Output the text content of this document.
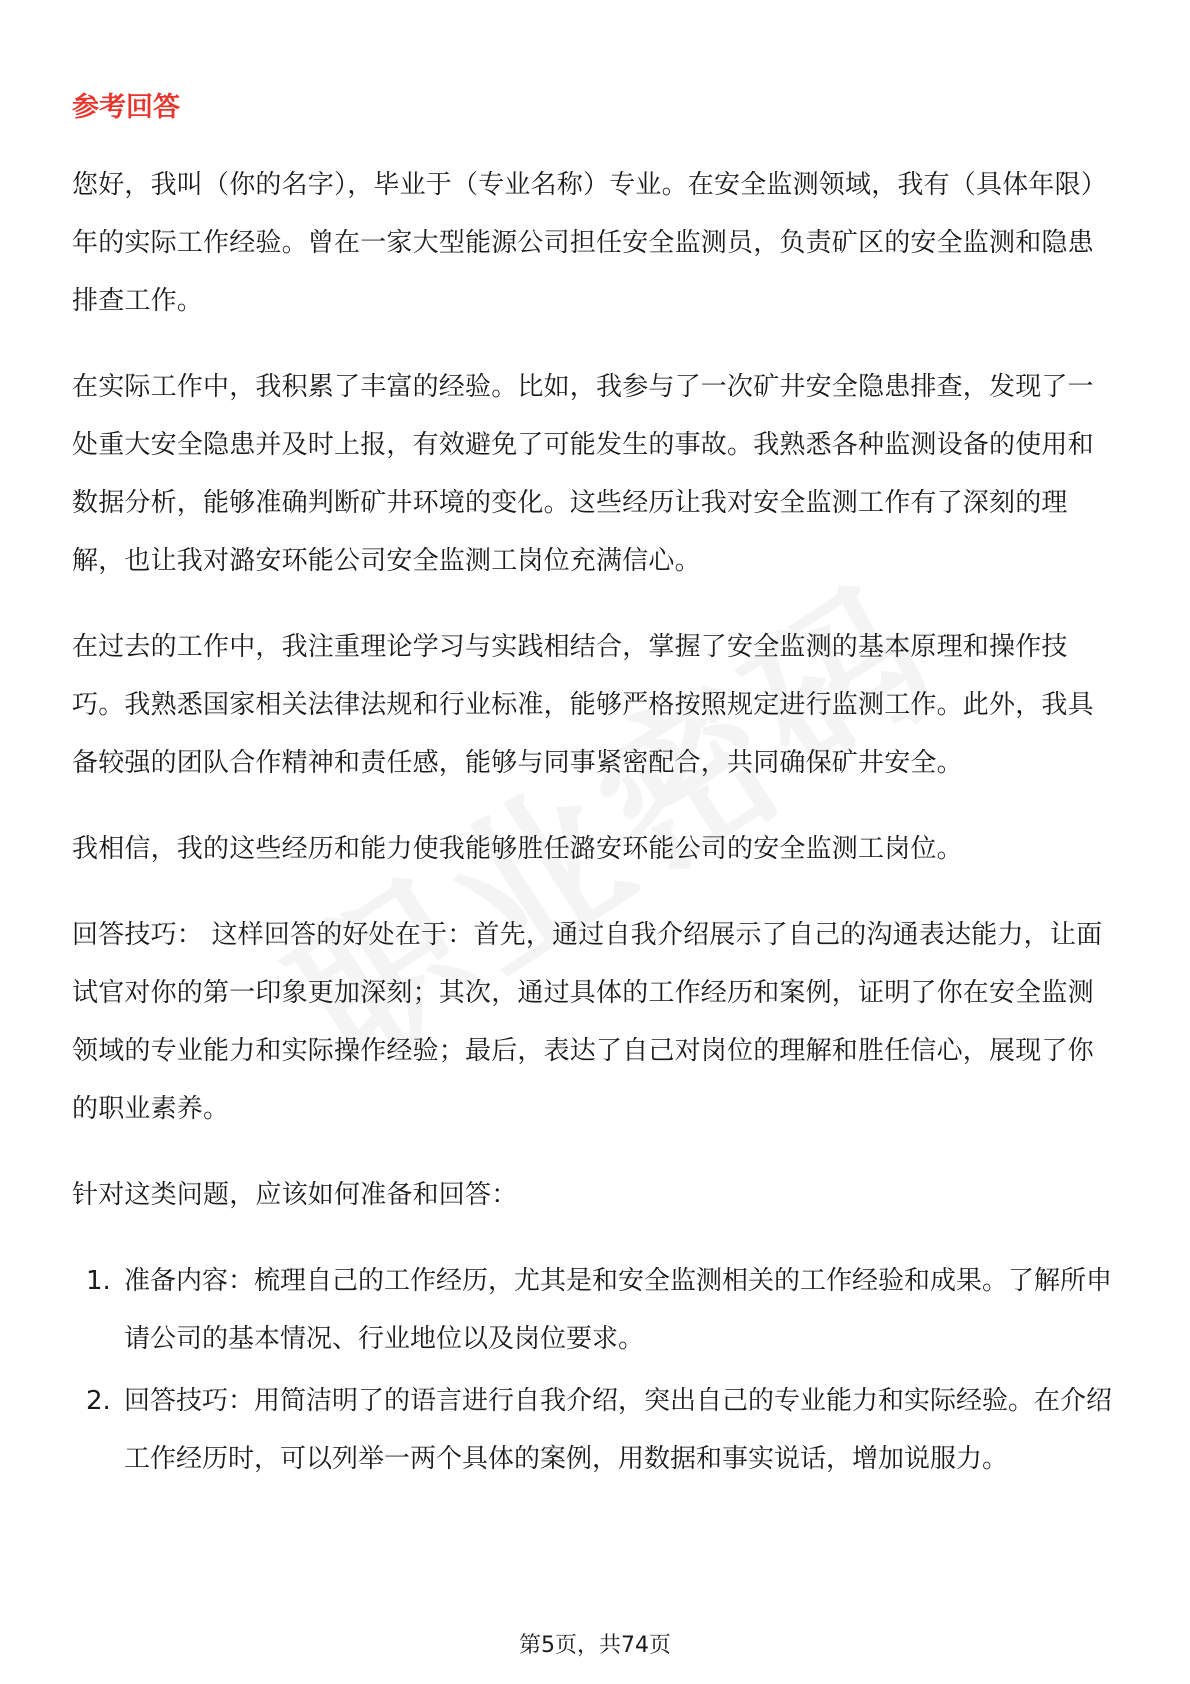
参考回答

您好，我叫（你的名字），毕业于（专业名称）专业。在安全监测领域，我有（具体年限）年的实际工作经验。曾在一家大型能源公司担任安全监测员，负责矿区的安全监测和隐患排查工作。

在实际工作中，我积累了丰富的经验。比如，我参与了一次矿井安全隐患排查，发现了一处重大安全隐患并及时上报，有效避免了可能发生的事故。我熟悉各种监测设备的使用和数据分析，能够准确判断矿井环境的变化。这些经历让我对安全监测工作有了深刻的理解，也让我对潞安环能公司安全监测工岗位充满信心。

在过去的工作中，我注重理论学习与实践相结合，掌握了安全监测的基本原理和操作技巧。我熟悉国家相关法律法规和行业标准，能够严格按照规定进行监测工作。此外，我具备较强的团队合作精神和责任感，能够与同事紧密配合，共同确保矿井安全。

我相信，我的这些经历和能力使我能够胜任潞安环能公司的安全监测工岗位。

回答技巧： 这样回答的好处在于：首先，通过自我介绍展示了自己的沟通表达能力，让面试官对你的第一印象更加深刻；其次，通过具体的工作经历和案例，证明了你在安全监测领域的专业能力和实际操作经验；最后，表达了自己对岗位的理解和胜任信心，展现了你的职业素养。

针对这类问题，应该如何准备和回答：

1. 准备内容：梳理自己的工作经历，尤其是和安全监测相关的工作经验和成果。了解所申请公司的基本情况、行业地位以及岗位要求。
2. 回答技巧：用简洁明了的语言进行自我介绍，突出自己的专业能力和实际经验。在介绍工作经历时，可以列举一两个具体的案例，用数据和事实说话，增加说服力。
第5页，共74页
